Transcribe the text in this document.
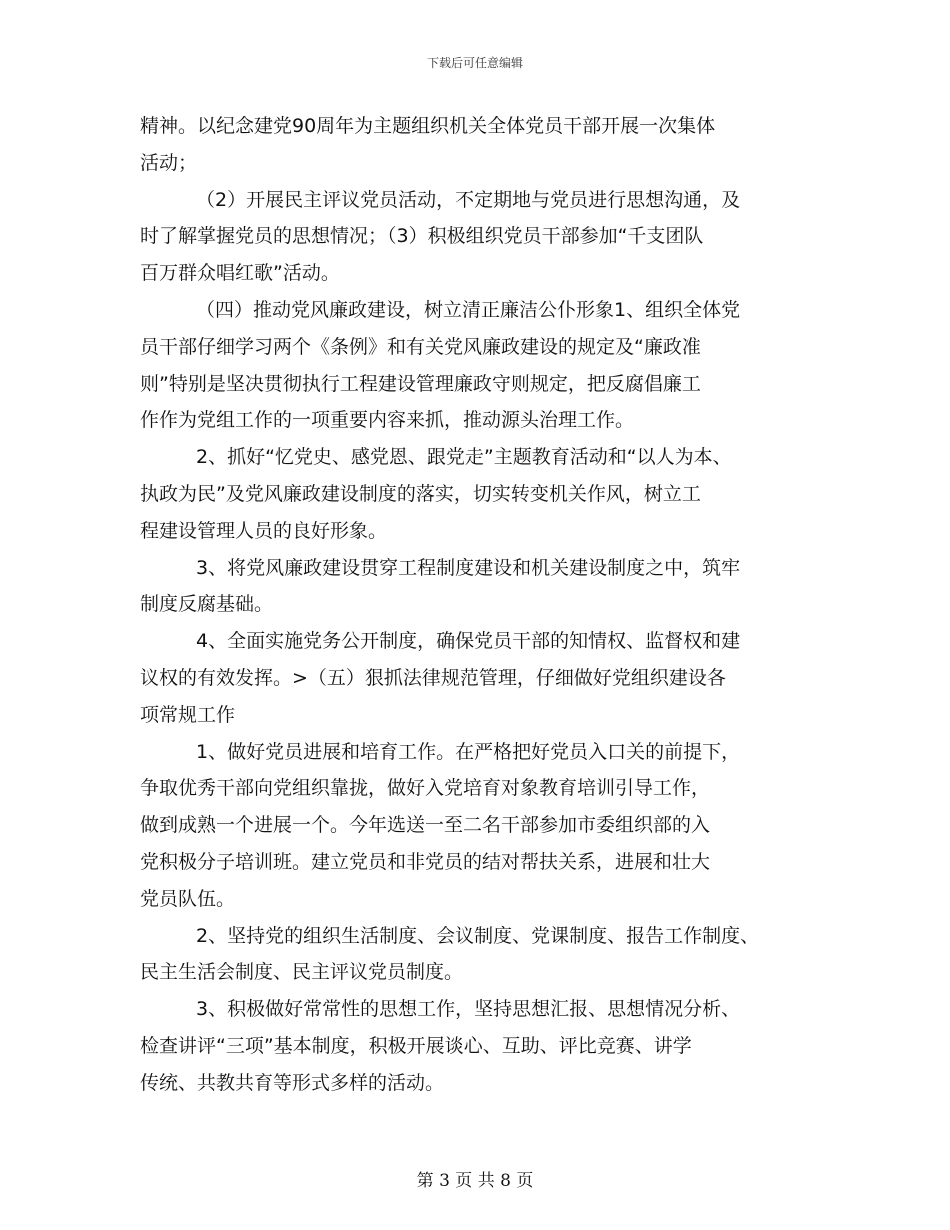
下载后可任意编辑
精神。以纪念建党90周年为主题组织机关全体党员干部开展一次集体
活动；
（2）开展民主评议党员活动，不定期地与党员进行思想沟通，及
时了解掌握党员的思想情况；（3）积极组织党员干部参加“千支团队
百万群众唱红歌”活动。
（四）推动党风廉政建设，树立清正廉洁公仆形象1、组织全体党
员干部仔细学习两个《条例》和有关党风廉政建设的规定及“廉政准
则”特别是坚决贯彻执行工程建设管理廉政守则规定，把反腐倡廉工
作作为党组工作的一项重要内容来抓，推动源头治理工作。
2、抓好“忆党史、感党恩、跟党走”主题教育活动和“以人为本、
执政为民”及党风廉政建设制度的落实，切实转变机关作风，树立工
程建设管理人员的良好形象。
3、将党风廉政建设贯穿工程制度建设和机关建设制度之中，筑牢
制度反腐基础。
4、全面实施党务公开制度，确保党员干部的知情权、监督权和建
议权的有效发挥。>（五）狠抓法律规范管理，仔细做好党组织建设各
项常规工作
1、做好党员进展和培育工作。在严格把好党员入口关的前提下，
争取优秀干部向党组织靠拢，做好入党培育对象教育培训引导工作，
做到成熟一个进展一个。今年选送一至二名干部参加市委组织部的入
党积极分子培训班。建立党员和非党员的结对帮扶关系，进展和壮大
党员队伍。
2、坚持党的组织生活制度、会议制度、党课制度、报告工作制度、
民主生活会制度、民主评议党员制度。
3、积极做好常常性的思想工作，坚持思想汇报、思想情况分析、
检查讲评“三项”基本制度，积极开展谈心、互助、评比竞赛、讲学
传统、共教共育等形式多样的活动。
第 3 页 共 8 页
